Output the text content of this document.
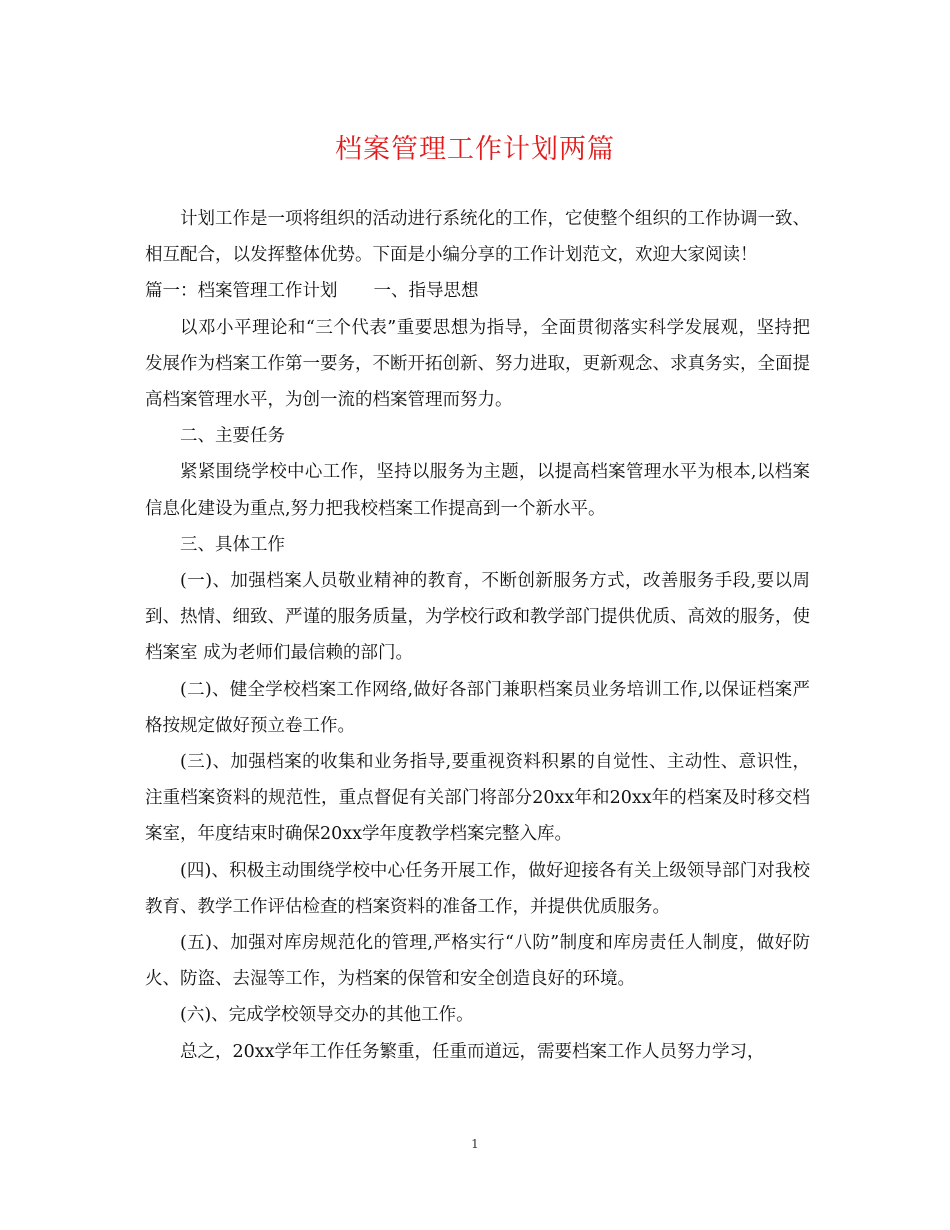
档案管理工作计划两篇

计划工作是一项将组织的活动进行系统化的工作，它使整个组织的工作协调一致、相互配合，以发挥整体优势。下面是小编分享的工作计划范文，欢迎大家阅读！

篇一：档案管理工作计划 一、指导思想

以邓小平理论和“三个代表”重要思想为指导，全面贯彻落实科学发展观，坚持把发展作为档案工作第一要务，不断开拓创新、努力进取，更新观念、求真务实，全面提高档案管理水平，为创一流的档案管理而努力。

二、主要任务

紧紧围绕学校中心工作，坚持以服务为主题，以提高档案管理水平为根本,以档案信息化建设为重点,努力把我校档案工作提高到一个新水平。

三、具体工作

(一)、加强档案人员敬业精神的教育，不断创新服务方式，改善服务手段,要以周到、热情、细致、严谨的服务质量，为学校行政和教学部门提供优质、高效的服务，使档案室 成为老师们最信赖的部门。

(二)、健全学校档案工作网络,做好各部门兼职档案员业务培训工作,以保证档案严格按规定做好预立卷工作。

(三)、加强档案的收集和业务指导,要重视资料积累的自觉性、主动性、意识性，注重档案资料的规范性，重点督促有关部门将部分20xx年和20xx年的档案及时移交档案室，年度结束时确保20xx学年度教学档案完整入库。

(四)、积极主动围绕学校中心任务开展工作，做好迎接各有关上级领导部门对我校教育、教学工作评估检查的档案资料的准备工作，并提供优质服务。

(五)、加强对库房规范化的管理,严格实行“八防”制度和库房责任人制度，做好防火、防盗、去湿等工作，为档案的保管和安全创造良好的环境。

(六)、完成学校领导交办的其他工作。

总之，20xx学年工作任务繁重，任重而道远，需要档案工作人员努力学习，

1
